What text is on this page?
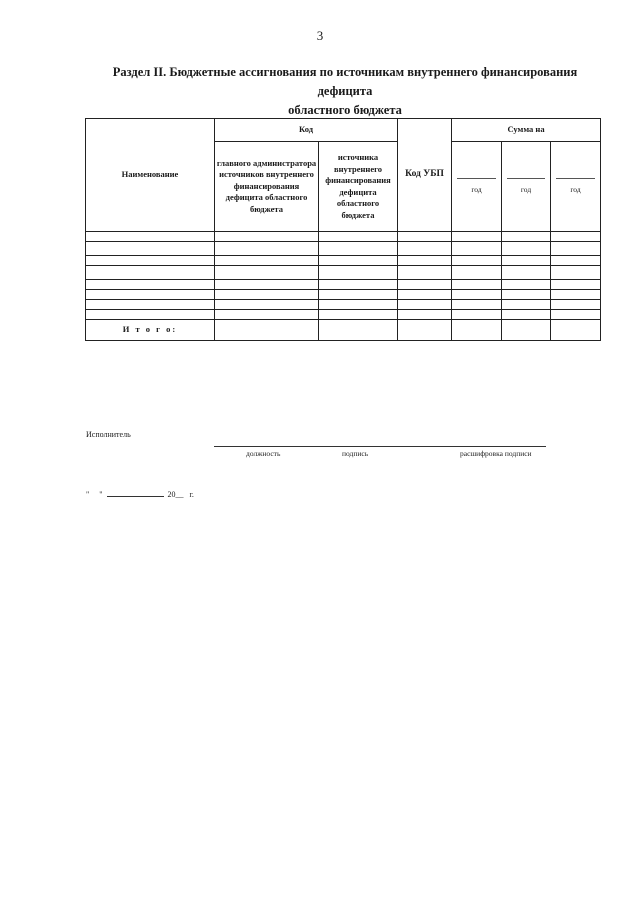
3
Раздел II. Бюджетные ассигнования по источникам внутреннего финансирования дефицита
областного бюджета
Наименование	Код		Код УБП	Сумма на		
	главного администратора источников внутреннего финансирования дефицита областного бюджета	источника внутреннего финансирования дефицита областного бюджета		год	год	год

И т о г о:						
Исполнитель
должность	подпись	расшифровка подписи
" "	20__ г.
